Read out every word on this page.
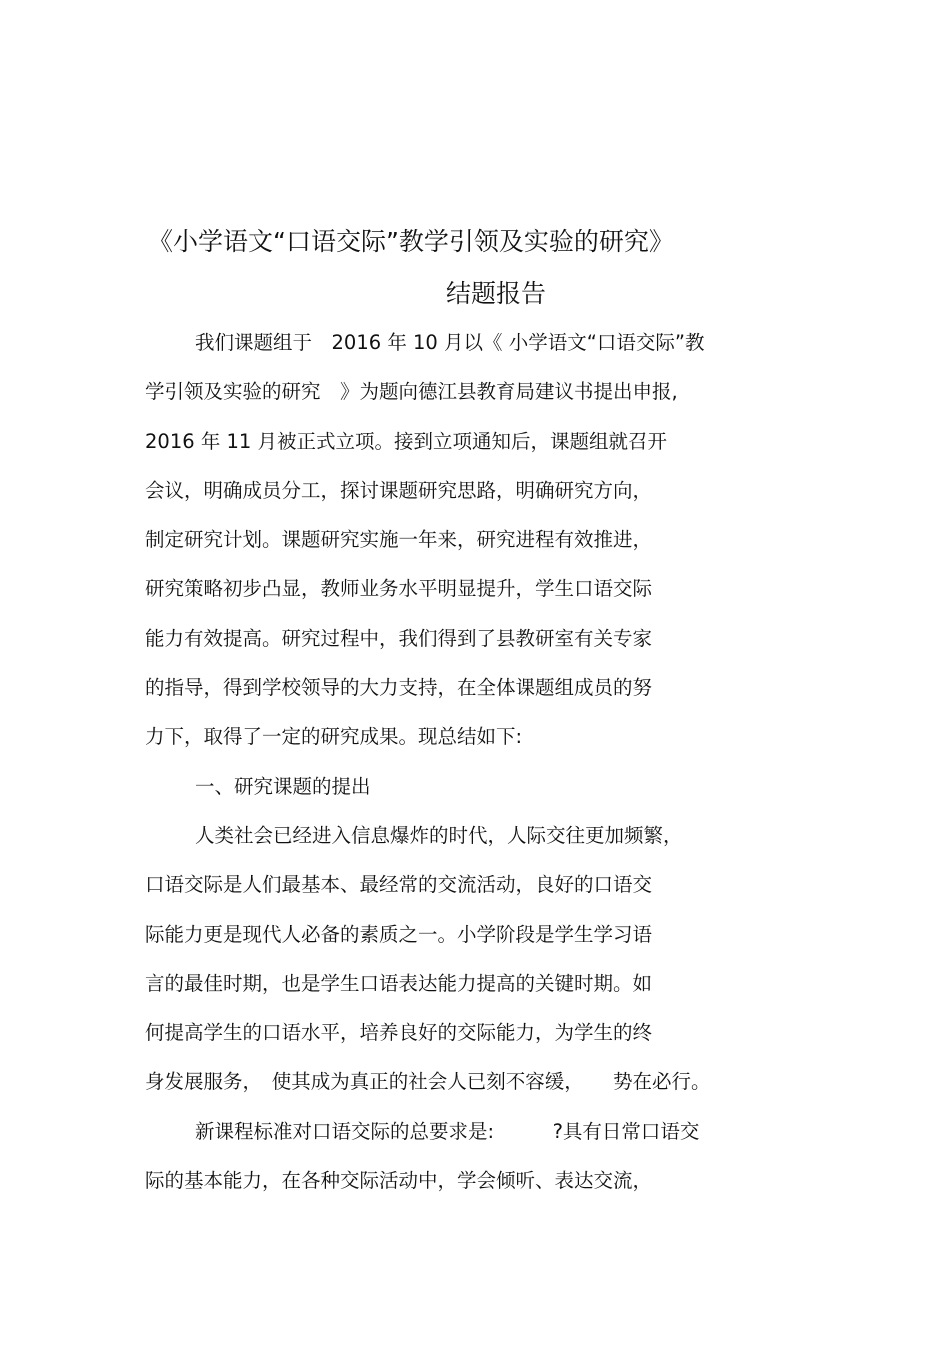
《小学语文“口语交际”教学引领及实验的研究》
结题报告
我们课题组于　2016 年 10 月以《 小学语文“口语交际”教
学引领及实验的研究　》为题向德江县教育局建议书提出申报,
2016 年 11 月被正式立项。接到立项通知后，课题组就召开
会议，明确成员分工，探讨课题研究思路，明确研究方向，
制定研究计划。课题研究实施一年来，研究进程有效推进，
研究策略初步凸显，教师业务水平明显提升，学生口语交际
能力有效提高。研究过程中，我们得到了县教研室有关专家
的指导，得到学校领导的大力支持，在全体课题组成员的努
力下，取得了一定的研究成果。现总结如下:
一、研究课题的提出
人类社会已经进入信息爆炸的时代，人际交往更加频繁，
口语交际是人们最基本、最经常的交流活动，良好的口语交
际能力更是现代人必备的素质之一。小学阶段是学生学习语
言的最佳时期，也是学生口语表达能力提高的关键时期。如
何提高学生的口语水平，培养良好的交际能力，为学生的终
身发展服务，　使其成为真正的社会人已刻不容缓，　　势在必行。
新课程标准对口语交际的总要求是:　　　?具有日常口语交
际的基本能力，在各种交际活动中，学会倾听、表达交流，
